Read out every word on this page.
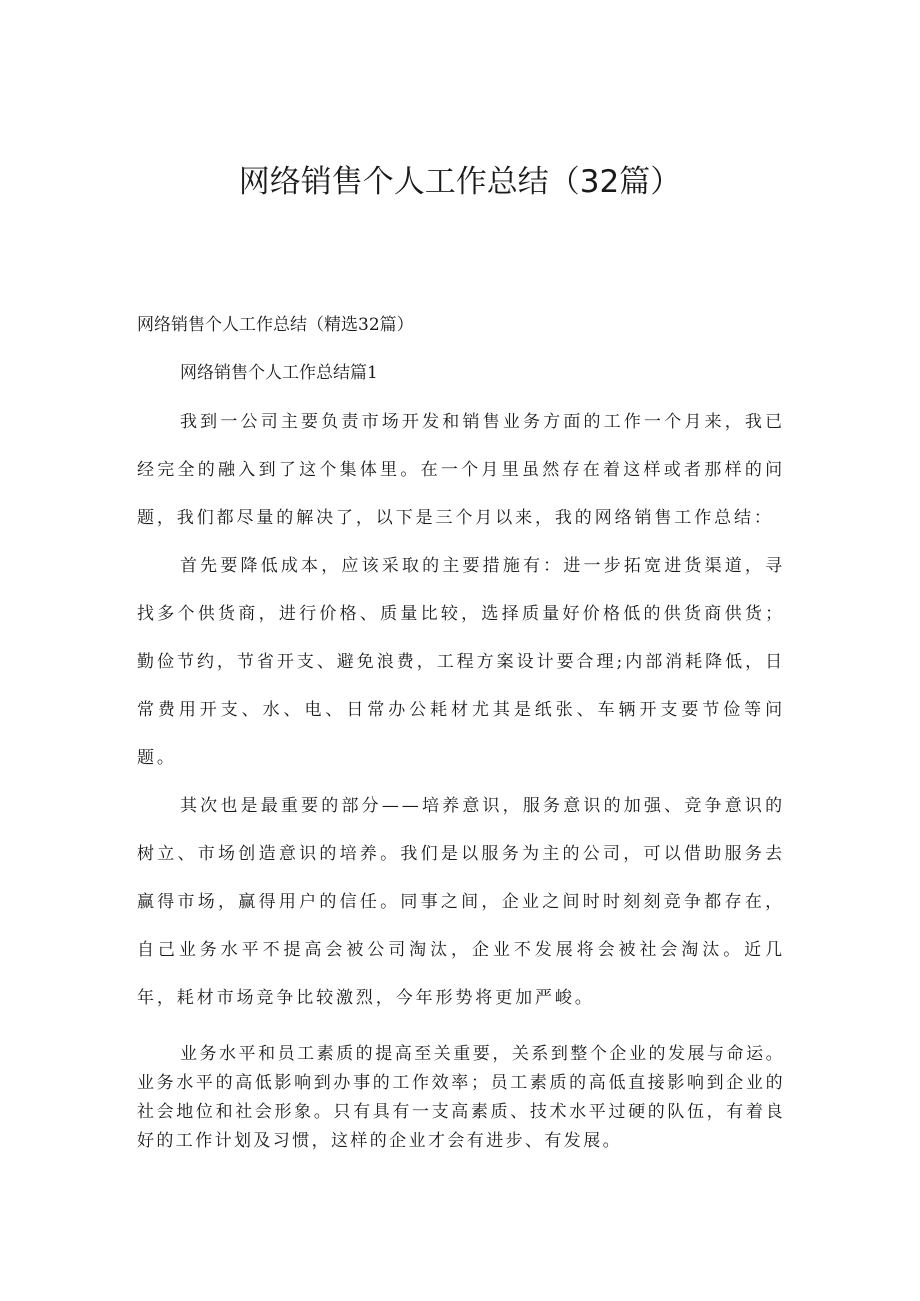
网络销售个人工作总结（32篇）

网络销售个人工作总结（精选32篇）

网络销售个人工作总结篇1

我到一公司主要负责市场开发和销售业务方面的工作一个月来，我已经完全的融入到了这个集体里。在一个月里虽然存在着这样或者那样的问题，我们都尽量的解决了，以下是三个月以来，我的网络销售工作总结：

首先要降低成本，应该采取的主要措施有：进一步拓宽进货渠道，寻找多个供货商，进行价格、质量比较，选择质量好价格低的供货商供货；勤俭节约，节省开支、避免浪费，工程方案设计要合理;内部消耗降低，日常费用开支、水、电、日常办公耗材尤其是纸张、车辆开支要节俭等问题。

其次也是最重要的部分——培养意识，服务意识的加强、竞争意识的树立、市场创造意识的培养。我们是以服务为主的公司，可以借助服务去赢得市场，赢得用户的信任。同事之间，企业之间时时刻刻竞争都存在，自己业务水平不提高会被公司淘汰，企业不发展将会被社会淘汰。近几年，耗材市场竞争比较激烈，今年形势将更加严峻。

业务水平和员工素质的提高至关重要，关系到整个企业的发展与命运。业务水平的高低影响到办事的工作效率；员工素质的高低直接影响到企业的社会地位和社会形象。只有具有一支高素质、技术水平过硬的队伍，有着良好的工作计划及习惯，这样的企业才会有进步、有发展。
